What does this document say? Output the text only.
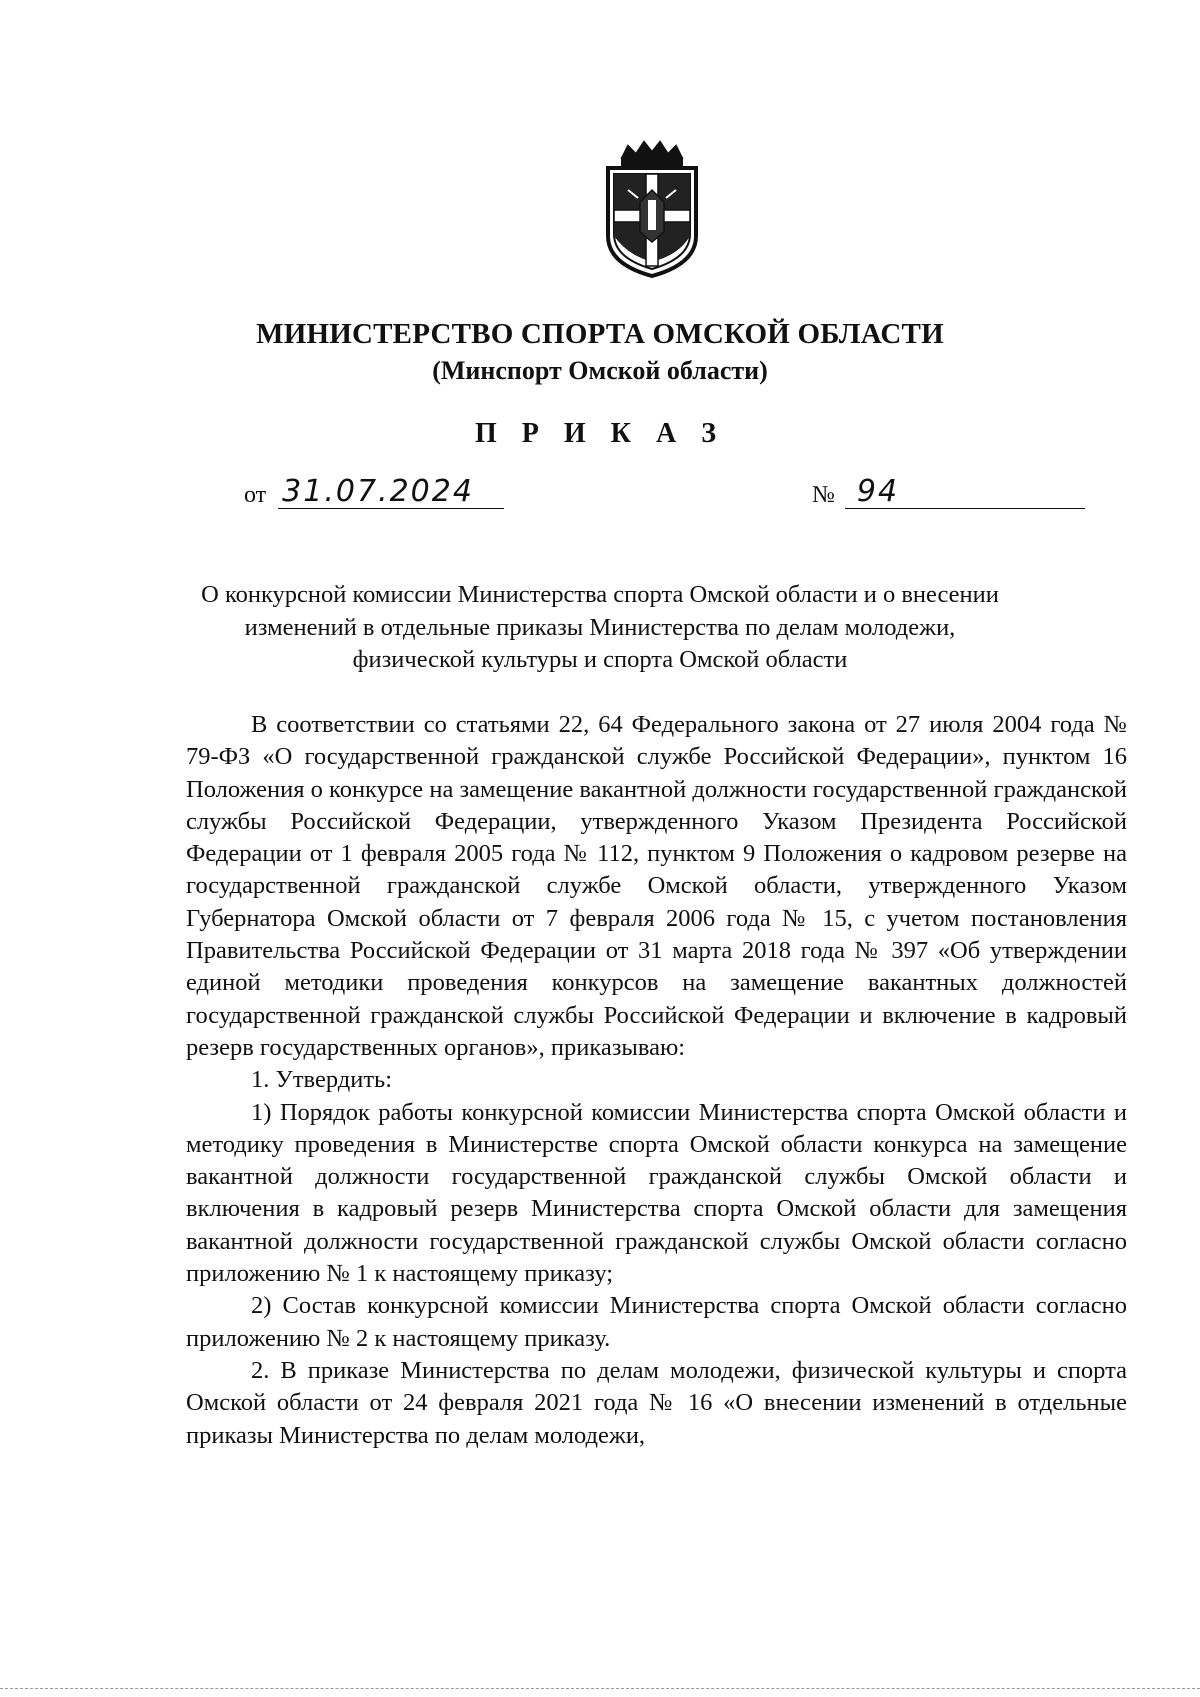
МИНИСТЕРСТВО СПОРТА ОМСКОЙ ОБЛАСТИ
(Минспорт Омской области)
П Р И К А З
от 31.07.2024	№ 94
О конкурсной комиссии Министерства спорта Омской области и о внесении
изменений в отдельные приказы Министерства по делам молодежи,
физической культуры и спорта Омской области

В соответствии со статьями 22, 64 Федерального закона от 27 июля 2004 года № 79-ФЗ «О государственной гражданской службе Российской Федерации», пунктом 16 Положения о конкурсе на замещение вакантной должности государственной гражданской службы Российской Федерации, утвержденного Указом Президента Российской Федерации от 1 февраля 2005 года № 112, пунктом 9 Положения о кадровом резерве на государственной гражданской службе Омской области, утвержденного Указом Губернатора Омской области от 7 февраля 2006 года № 15, с учетом постановления Правительства Российской Федерации от 31 марта 2018 года № 397 «Об утверждении единой методики проведения конкурсов на замещение вакантных должностей государственной гражданской службы Российской Федерации и включение в кадровый резерв государственных органов», приказываю:

1. Утвердить:

1) Порядок работы конкурсной комиссии Министерства спорта Омской области и методику проведения в Министерстве спорта Омской области конкурса на замещение вакантной должности государственной гражданской службы Омской области и включения в кадровый резерв Министерства спорта Омской области для замещения вакантной должности государственной гражданской службы Омской области согласно приложению № 1 к настоящему приказу;

2) Состав конкурсной комиссии Министерства спорта Омской области согласно приложению № 2 к настоящему приказу.

2. В приказе Министерства по делам молодежи, физической культуры и спорта Омской области от 24 февраля 2021 года № 16 «О внесении изменений в отдельные приказы Министерства по делам молодежи,
